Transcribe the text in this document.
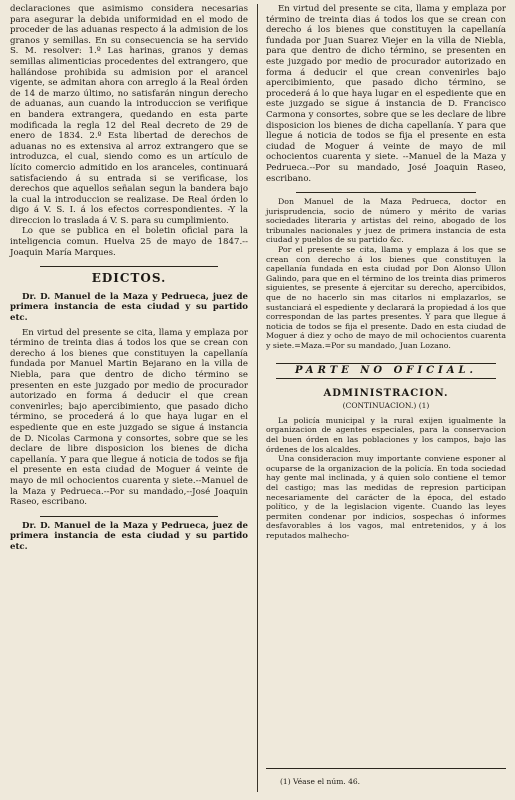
declaraciones que asimismo considera necesarias para asegurar la debida uniformidad en el modo de proceder de las aduanas respecto á la admision de los granos y semillas. En su consecuencia se ha servido S. M. resolver: 1.º Las harinas, granos y demas semillas alimenticias procedentes del extrangero, que hallándose prohibida su admision por el arancel vigente, se admitan ahora con arreglo á la Real órden de 14 de marzo último, no satisfarán ningun derecho de aduanas, aun cuando la introduccion se verifique en bandera extrangera, quedando en esta parte modificada la regla 12 del Real decreto de 29 de enero de 1834. 2.º Esta libertad de derechos de aduanas no es extensiva al arroz extrangero que se introduzca, el cual, siendo como es un artículo de lícito comercio admitido en los aranceles, continuará satisfaciendo á su entrada si se verificase, los derechos que aquellos señalan segun la bandera bajo la cual la introduccion se realizase. De Real órden lo digo á V. S. I. á los efectos correspondientes. -Y la direccion lo traslada á V. S. para su cumplimiento.

Lo que se publica en el boletin oficial para la inteligencia comun. Huelva 25 de mayo de 1847.--Joaquin María Marques.

EDICTOS.

Dr. D. Manuel de la Maza y Pedrueca, juez de primera instancia de esta ciudad y su partido etc.

En virtud del presente se cita, llama y emplaza por término de treinta dias á todos los que se crean con derecho á los bienes que constituyen la capellanía fundada por Manuel Martin Bejarano en la villa de Niebla, para que dentro de dicho término se presenten en este juzgado por medio de procurador autorizado en forma á deducir el que crean convenirles; bajo apercibimiento, que pasado dicho término, se procederá á lo que haya lugar en el espediente que en este juzgado se sigue á instancia de D. Nicolas Carmona y consortes, sobre que se les declare de libre disposicion los bienes de dicha capellanía. Y para que llegue á noticia de todos se fija el presente en esta ciudad de Moguer á veinte de mayo de mil ochocientos cuarenta y siete.--Manuel de la Maza y Pedrueca.--Por su mandado,--José Joaquin Raseo, escribano.

Dr. D. Manuel de la Maza y Pedrueca, juez de primera instancia de esta ciudad y su partido etc.

En virtud del presente se cita, llama y emplaza por término de treinta dias á todos los que se crean con derecho á los bienes que constituyen la capellanía fundada por Juan Suarez Viejer en la villa de Niebla, para que dentro de dicho término, se presenten en este juzgado por medio de procurador autorizado en forma á deducir el que crean convenirles bajo apercibimiento, que pasado dicho término, se procederá á lo que haya lugar en el espediente que en este juzgado se sigue á instancia de D. Francisco Carmona y consortes, sobre que se les declare de libre disposicion los bienes de dicha capellanía. Y para que llegue á noticia de todos se fija el presente en esta ciudad de Moguer á veinte de mayo de mil ochocientos cuarenta y siete. --Manuel de la Maza y Pedrueca.--Por su mandado, José Joaquin Raseo, escribano.

Don Manuel de la Maza Pedrueca, doctor en jurisprudencia, socio de número y mérito de varias sociedades literaria y artistas del reino, abogado de los tribunales nacionales y juez de primera instancia de esta ciudad y pueblos de su partido &c.

Por el presente se cita, llama y emplaza á los que se crean con derecho á los bienes que constituyen la capellanía fundada en esta ciudad por Don Alonso Ullon Galindo, para que en el término de los treinta dias primeros siguientes, se presente á ejercitar su derecho, apercibidos, que de no hacerlo sin mas citarlos ni emplazarlos, se sustanciará el espediente y declarará la propiedad á los que correspondan de las partes presentes. Y para que llegue á noticia de todos se fija el presente. Dado en esta ciudad de Moguer á diez y ocho de mayo de mil ochocientos cuarenta y siete.=Maza.=Por su mandado, Juan Lozano.

PARTE NO OFICIAL.
ADMINISTRACION.
(CONTINUACION.) (1)

La policía municipal y la rural exijen igualmente la organizacion de agentes especiales, para la conservacion del buen órden en las poblaciones y los campos, bajo las órdenes de los alcaldes.

Una consideracion muy importante conviene esponer al ocuparse de la organizacion de la policía. En toda sociedad hay gente mal inclinada, y á quien solo contiene el temor del castigo; mas las medidas de represion participan necesariamente del carácter de la época, del estado político, y de la legislacion vigente. Cuando las leyes permiten condenar por indicios, sospechas ó informes desfavorables á los vagos, mal entretenidos, y á los reputados malhecho-

(1) Véase el núm. 46.
